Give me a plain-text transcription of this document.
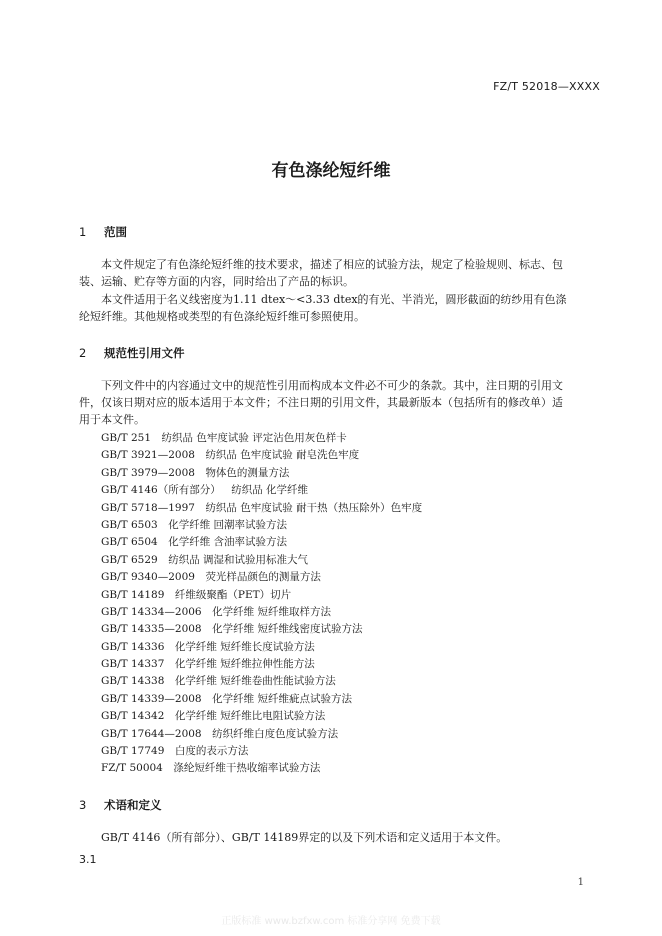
FZ/T 52018—XXXX
有色涤纶短纤维
1 范围
本文件规定了有色涤纶短纤维的技术要求，描述了相应的试验方法，规定了检验规则、标志、包
装、运输、贮存等方面的内容，同时给出了产品的标识。
本文件适用于名义线密度为1.11 dtex～<3.33 dtex的有光、半消光，圆形截面的纺纱用有色涤
纶短纤维。其他规格或类型的有色涤纶短纤维可参照使用。
2 规范性引用文件
下列文件中的内容通过文中的规范性引用而构成本文件必不可少的条款。其中，注日期的引用文
件，仅该日期对应的版本适用于本文件；不注日期的引用文件，其最新版本（包括所有的修改单）适
用于本文件。
GB/T 251  纺织品 色牢度试验 评定沾色用灰色样卡
GB/T 3921—2008  纺织品 色牢度试验 耐皂洗色牢度
GB/T 3979—2008  物体色的测量方法
GB/T 4146（所有部分）  纺织品 化学纤维
GB/T 5718—1997  纺织品 色牢度试验 耐干热（热压除外）色牢度
GB/T 6503  化学纤维 回潮率试验方法
GB/T 6504  化学纤维 含油率试验方法
GB/T 6529  纺织品 调湿和试验用标准大气
GB/T 9340—2009  荧光样品颜色的测量方法
GB/T 14189  纤维级聚酯（PET）切片
GB/T 14334—2006  化学纤维 短纤维取样方法
GB/T 14335—2008  化学纤维 短纤维线密度试验方法
GB/T 14336  化学纤维 短纤维长度试验方法
GB/T 14337  化学纤维 短纤维拉伸性能方法
GB/T 14338  化学纤维 短纤维卷曲性能试验方法
GB/T 14339—2008  化学纤维 短纤维疵点试验方法
GB/T 14342  化学纤维 短纤维比电阻试验方法
GB/T 17644—2008  纺织纤维白度色度试验方法
GB/T 17749  白度的表示方法
FZ/T 50004  涤纶短纤维干热收缩率试验方法
3 术语和定义
GB/T 4146（所有部分）、GB/T 14189界定的以及下列术语和定义适用于本文件。
3.1
1
正版标准 www.bzfxw.com 标准分享网 免费下载
